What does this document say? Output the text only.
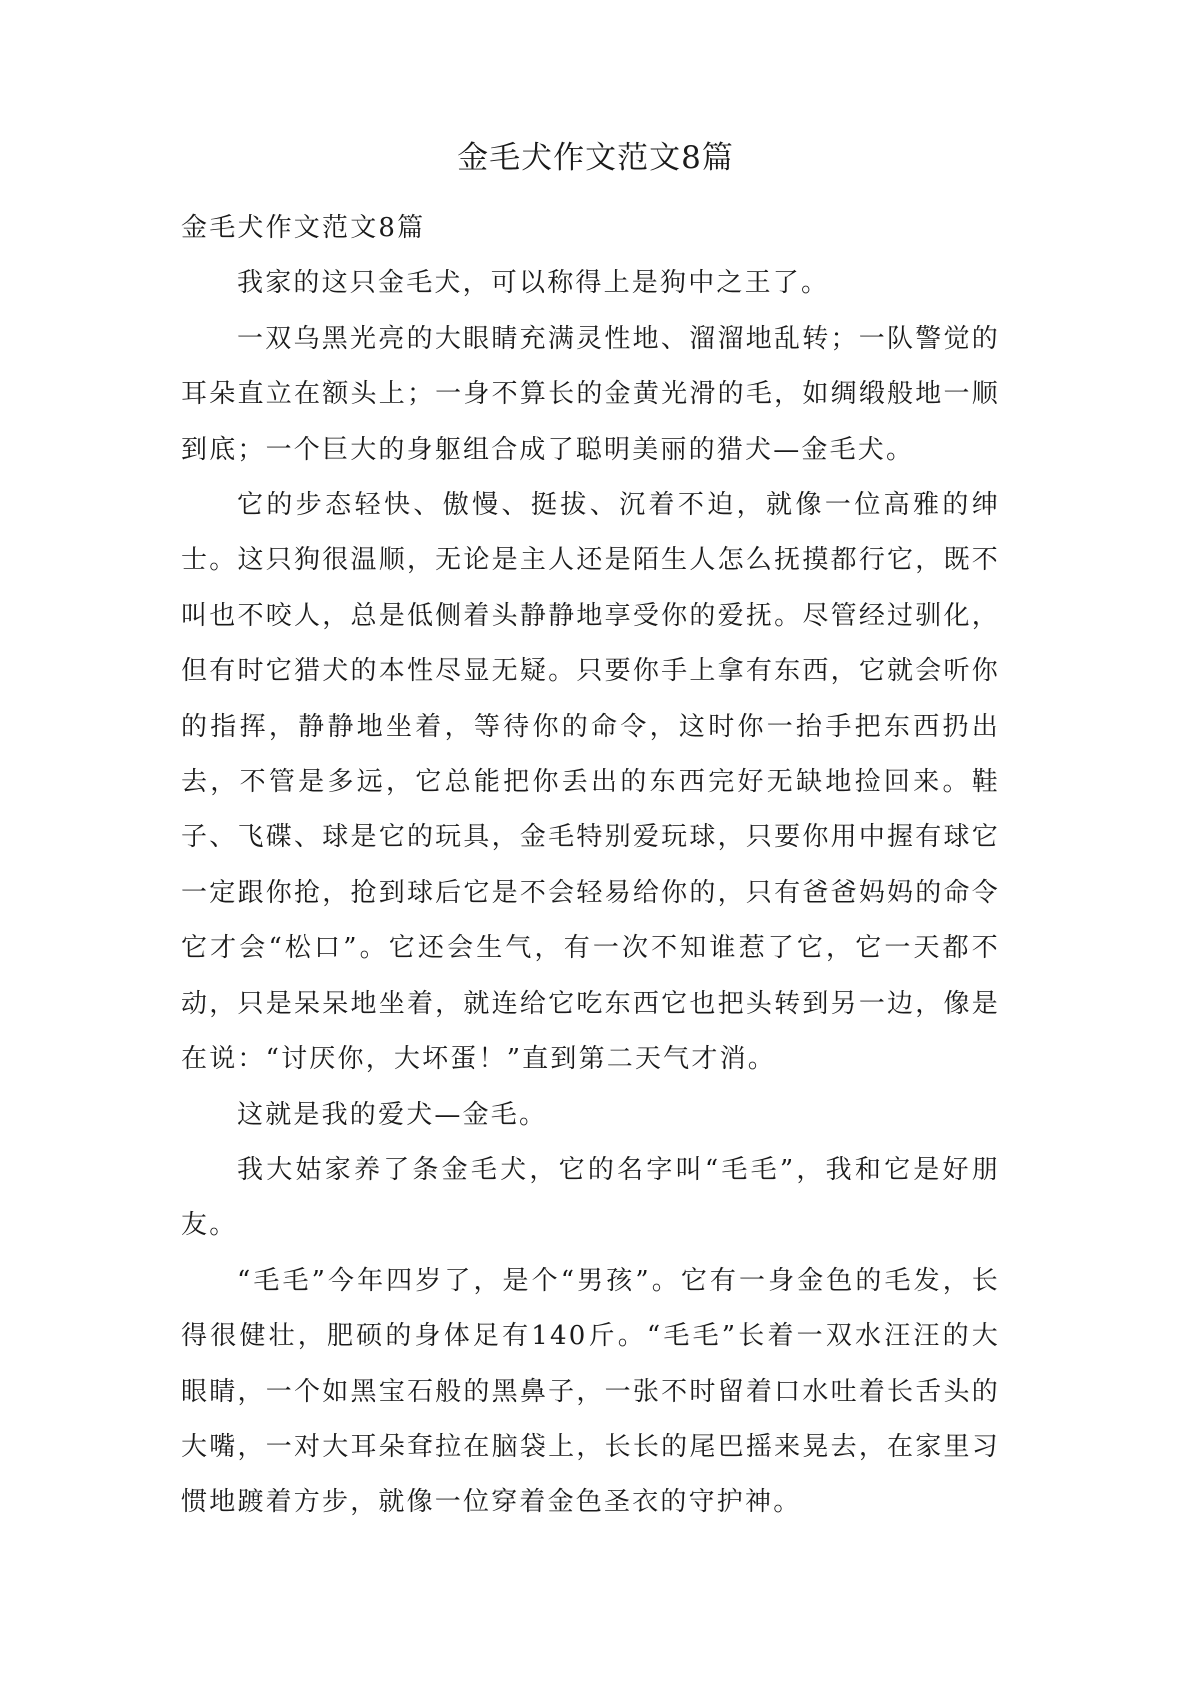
金毛犬作文范文8篇

金毛犬作文范文8篇

我家的这只金毛犬，可以称得上是狗中之王了。

一双乌黑光亮的大眼睛充满灵性地、溜溜地乱转；一队警觉的耳朵直立在额头上；一身不算长的金黄光滑的毛，如绸缎般地一顺到底；一个巨大的身躯组合成了聪明美丽的猎犬—金毛犬。

它的步态轻快、傲慢、挺拔、沉着不迫，就像一位高雅的绅士。这只狗很温顺，无论是主人还是陌生人怎么抚摸都行它，既不叫也不咬人，总是低侧着头静静地享受你的爱抚。尽管经过驯化，但有时它猎犬的本性尽显无疑。只要你手上拿有东西，它就会听你的指挥，静静地坐着，等待你的命令，这时你一抬手把东西扔出去，不管是多远，它总能把你丢出的东西完好无缺地捡回来。鞋子、飞碟、球是它的玩具，金毛特别爱玩球，只要你用中握有球它一定跟你抢，抢到球后它是不会轻易给你的，只有爸爸妈妈的命令它才会“松口”。它还会生气，有一次不知谁惹了它，它一天都不动，只是呆呆地坐着，就连给它吃东西它也把头转到另一边，像是在说：“讨厌你，大坏蛋！”直到第二天气才消。

这就是我的爱犬—金毛。

我大姑家养了条金毛犬，它的名字叫“毛毛”，我和它是好朋友。

“毛毛”今年四岁了，是个“男孩”。它有一身金色的毛发，长得很健壮，肥硕的身体足有140斤。“毛毛”长着一双水汪汪的大眼睛，一个如黑宝石般的黑鼻子，一张不时留着口水吐着长舌头的大嘴，一对大耳朵耷拉在脑袋上，长长的尾巴摇来晃去，在家里习惯地踱着方步，就像一位穿着金色圣衣的守护神。
